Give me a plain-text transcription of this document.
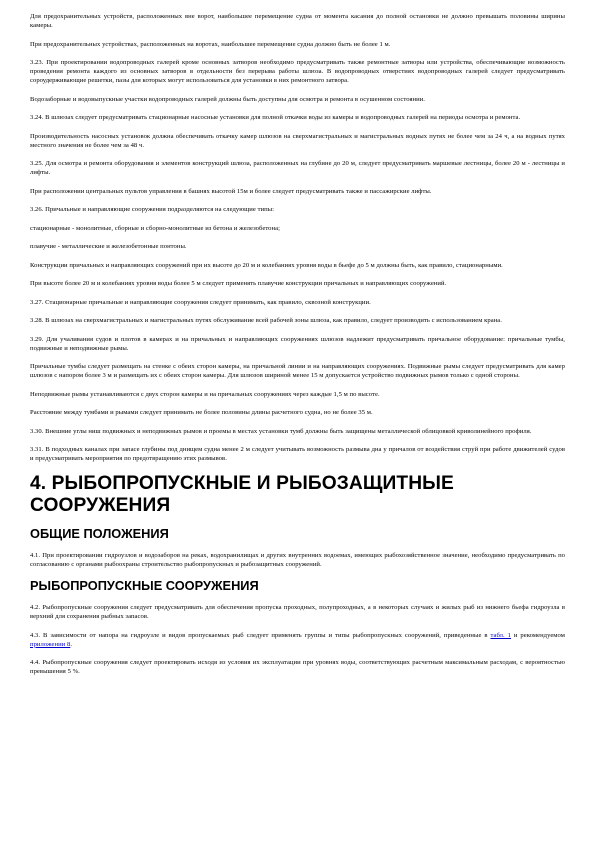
Для предохранительных устройств, расположенных вне ворот, наибольшее перемещение судна от момента касания до полной остановки не должно превышать половины ширины камеры.

При предохранительных устройствах, расположенных на воротах, наибольшее перемещение судна должно быть не более 1 м.

3.23. При проектировании водопроводных галерей кроме основных затворов необходимо предусматривать также ремонтные затворы или устройства, обеспечивающие возможность проведения ремонта каждого из основных затворов в отдельности без перерыва работы шлюза. В водопроводных отверстиях водопроводных галерей следует предусматривать сороудерживающие решетки, пазы для которых могут использоваться для установки в них ремонтного затвора.

Водозаборные и водовыпускные участки водопроводных галерей должны быть доступны для осмотра и ремонта в осушенном состоянии.

3.24. В шлюзах следует предусматривать стационарные насосные установки для полной откачки воды из камеры и водопроводных галерей на периоды осмотра и ремонта.

Производительность насосных установок должна обеспечивать откачку камер шлюзов на сверхмагистральных и магистральных водных путях не более чем за 24 ч, а на водных путях местного значения не более чем за 48 ч.

3.25. Для осмотра и ремонта оборудования и элементов конструкций шлюза, расположенных на глубине до 20 м, следует предусматривать маршевые лестницы, более 20 м - лестницы и лифты.

При расположении центральных пультов управления в башнях высотой 15м и более следует предусматривать также и пассажирские лифты.

3.26. Причальные и направляющие сооружения подразделяются на следующие типы:

стационарные - монолитные, сборные и сборно-монолитные из бетона и железобетона;

плавучие - металлические и железобетонные понтоны.

Конструкции причальных и направляющих сооружений при их высоте до 20 м и колебаниях уровня воды в бьефе до 5 м должны быть, как правило, стационарными.

При высоте более 20 м и колебаниях уровня воды более 5 м следует применять плавучие конструкции причальных и направляющих сооружений.

3.27. Стационарные причальные и направляющие сооружения следует принимать, как правило, сквозной конструкции.

3.28. В шлюзах на сверхмагистральных и магистральных путях обслуживание всей рабочей зоны шлюза, как правило, следует производить с использованием крана.

3.29. Для учаливания судов и плотов в камерах и на причальных и направляющих сооружениях шлюзов надлежит предусматривать причальное оборудование: причальные тумбы, подвижные и неподвижные рымы.

Причальные тумбы следует размещать на стенке с обеих сторон камеры, на причальной линии и на направляющих сооружениях. Подвижные рымы следует предусматривать для камер шлюзов с напором более 3 м и размещать их с обеих сторон камеры. Для шлюзов шириной менее 15 м допускается устройство подвижных рымов только с одной стороны.

Неподвижные рымы устанавливаются с двух сторон камеры и на причальных сооружениях через каждые 1,5 м по высоте.

Расстояние между тумбами и рымами следует принимать не более половины длины расчетного судна, но не более 35 м.

3.30. Внешние углы ниш подвижных и неподвижных рымов и проемы в местах установки тумб должны быть защищены металлической облицовкой криволинейного профиля.

3.31. В подходных каналах при запасе глубины под днищем судна менее 2 м следует учитывать возможность размыва дна у причалов от воздействия струй при работе движителей судов и предусматривать мероприятия по предотвращению этих размывов.

4. РЫБОПРОПУСКНЫЕ И РЫБОЗАЩИТНЫЕ СООРУЖЕНИЯ
ОБЩИЕ ПОЛОЖЕНИЯ

4.1. При проектировании гидроузлов и водозаборов на реках, водохранилищах и других внутренних водоемах, имеющих рыбохозяйственное значение, необходимо предусматривать по согласованию с органами рыбоохраны строительство рыбопропускных и рыбозащитных сооружений.

РЫБОПРОПУСКНЫЕ СООРУЖЕНИЯ

4.2. Рыбопропускные сооружения следует предусматривать для обеспечения пропуска проходных, полупроходных, а в некоторых случаях и жилых рыб из нижнего бьефа гидроузла в верхний для сохранения рыбных запасов.

4.3. В зависимости от напора на гидроузле и видов пропускаемых рыб следует применять группы и типы рыбопропускных сооружений, приведенные в табл. 1 и рекомендуемом приложении 8.

4.4. Рыбопропускные сооружения следует проектировать исходя из условия их эксплуатации при уровнях воды, соответствующих расчетным максимальным расходам, с вероятностью превышения 5 %.
